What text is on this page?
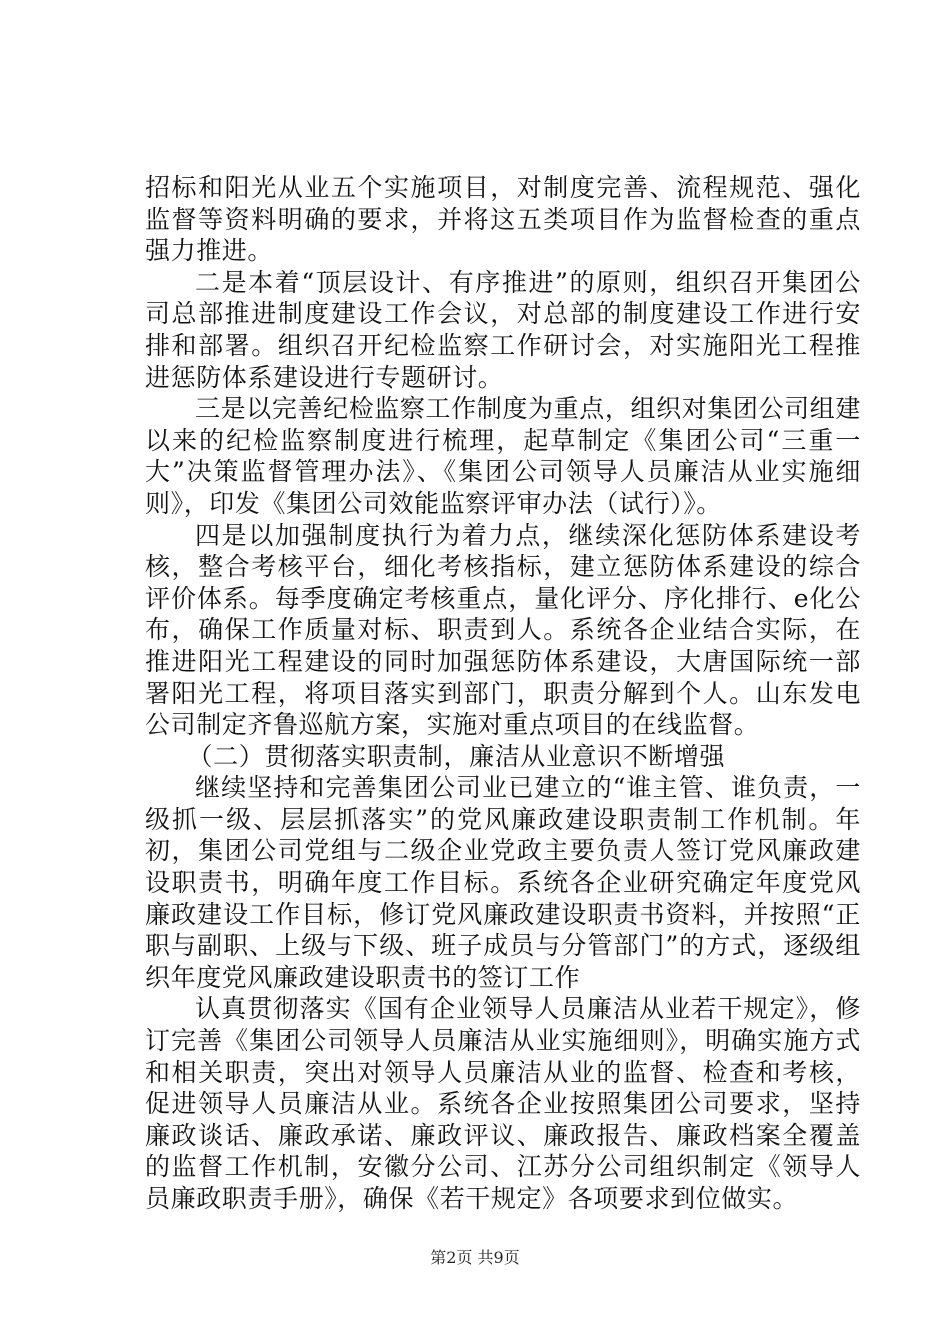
招标和阳光从业五个实施项目，对制度完善、流程规范、强化监督等资料明确的要求，并将这五类项目作为监督检查的重点强力推进。

二是本着“顶层设计、有序推进”的原则，组织召开集团公司总部推进制度建设工作会议，对总部的制度建设工作进行安排和部署。组织召开纪检监察工作研讨会，对实施阳光工程推进惩防体系建设进行专题研讨。

三是以完善纪检监察工作制度为重点，组织对集团公司组建以来的纪检监察制度进行梳理，起草制定《集团公司“三重一大”决策监督管理办法》、《集团公司领导人员廉洁从业实施细则》，印发《集团公司效能监察评审办法（试行）》。

四是以加强制度执行为着力点，继续深化惩防体系建设考核，整合考核平台，细化考核指标，建立惩防体系建设的综合评价体系。每季度确定考核重点，量化评分、序化排行、e化公布，确保工作质量对标、职责到人。系统各企业结合实际，在推进阳光工程建设的同时加强惩防体系建设，大唐国际统一部署阳光工程，将项目落实到部门，职责分解到个人。山东发电公司制定齐鲁巡航方案，实施对重点项目的在线监督。

（二）贯彻落实职责制，廉洁从业意识不断增强

继续坚持和完善集团公司业已建立的“谁主管、谁负责，一级抓一级、层层抓落实”的党风廉政建设职责制工作机制。年初，集团公司党组与二级企业党政主要负责人签订党风廉政建设职责书，明确年度工作目标。系统各企业研究确定年度党风廉政建设工作目标，修订党风廉政建设职责书资料，并按照“正职与副职、上级与下级、班子成员与分管部门”的方式，逐级组织年度党风廉政建设职责书的签订工作

认真贯彻落实《国有企业领导人员廉洁从业若干规定》，修订完善《集团公司领导人员廉洁从业实施细则》，明确实施方式和相关职责，突出对领导人员廉洁从业的监督、检查和考核，促进领导人员廉洁从业。系统各企业按照集团公司要求，坚持廉政谈话、廉政承诺、廉政评议、廉政报告、廉政档案全覆盖的监督工作机制，安徽分公司、江苏分公司组织制定《领导人员廉政职责手册》，确保《若干规定》各项要求到位做实。

第2页 共9页
